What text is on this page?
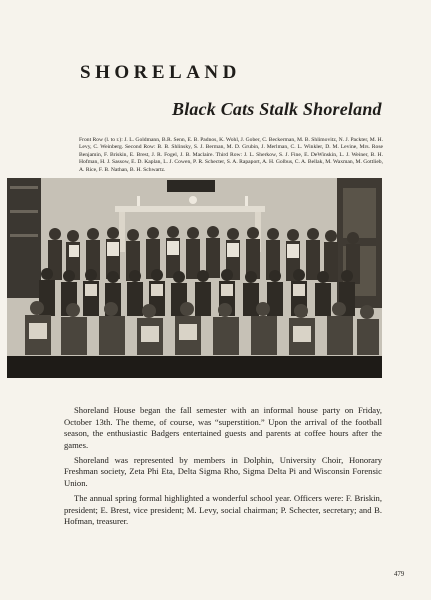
SHORELAND
Black Cats Stalk Shoreland
Front Row (l. to r.): J. L. Goldmann, B.R. Senn, E. B. Padnos, K. Wohl, J. Gober, C. Beckerman, M. B. Shlimovitz, N. J. Packter, M. H. Levy, C. Weinberg. Second Row: B. B. Shlinsky, S. J. Berman, M. D. Grubin, J. Merlman, C. L. Winkler, D. M. Levine, Mrs. Rose Benjamin, F. Briskin, E. Brest, J. R. Fogel, J. B. Maclaire. Third Row: J. L. Sherkow, S. J. Fine, E. DeWinskin, L. J. Weiner, B. H. Hofman, H. J. Sassow, E. D. Kaplan, L. J. Cowen, P. R. Schecter, S. A. Rapaport, A. H. Golbus, C. A. Bellak, M. Waxman, M. Gottlieb, A. Rice, F. B. Nathan, B. H. Schwartz.

Shoreland House began the fall semester with an informal house party on Friday, October 13th. The theme, of course, was “superstition.” Upon the arrival of the football season, the enthusiastic Badgers entertained guests and parents at coffee hours after the games.

Shoreland was represented by members in Dolphin, University Choir, Honorary Freshman society, Zeta Phi Eta, Delta Sigma Rho, Sigma Delta Pi and Wisconsin Forensic Union.

The annual spring formal highlighted a wonderful school year. Officers were: F. Briskin, president; E. Brest, vice president; M. Levy, social chairman; P. Schecter, secretary; and B. Hofman, treasurer.

479
